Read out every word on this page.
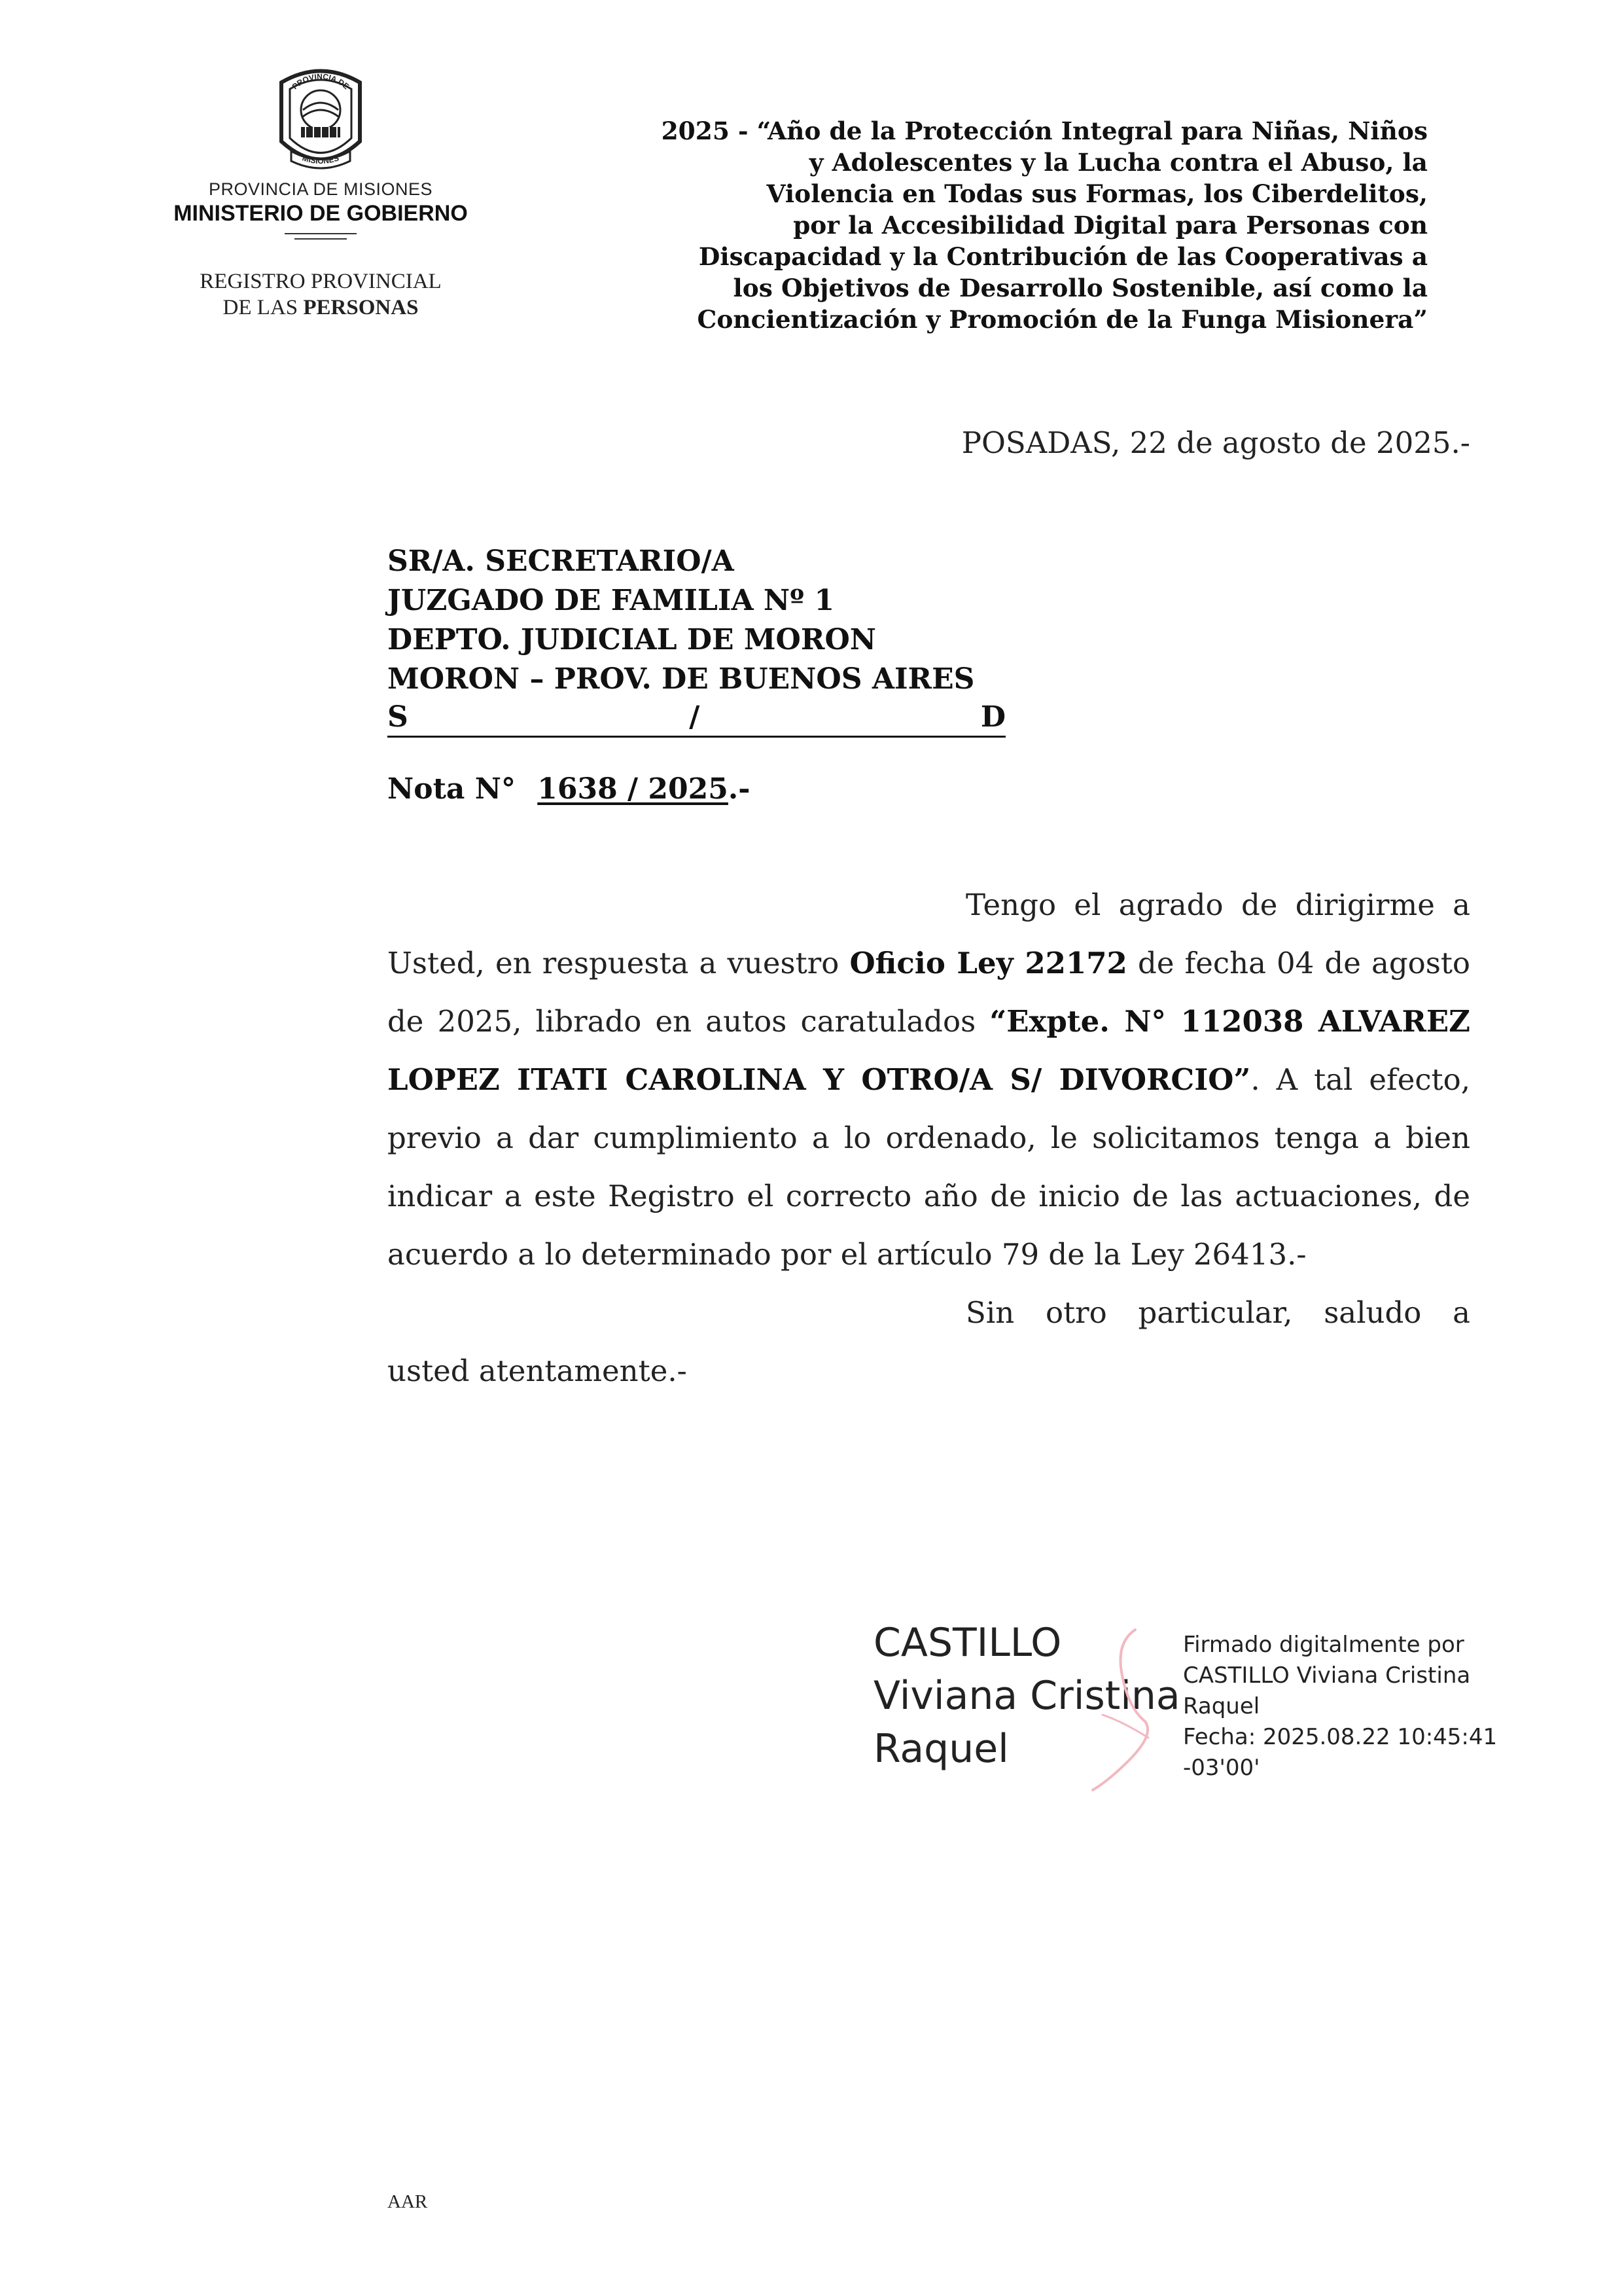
PROVINCIA DE
MISIONES
PROVINCIA DE MISIONES
MINISTERIO DE GOBIERNO
REGISTRO PROVINCIAL
DE LAS PERSONAS
2025 - “Año de la Protección Integral para Niñas, Niños
y Adolescentes y la Lucha contra el Abuso, la
Violencia en Todas sus Formas, los Ciberdelitos,
por la Accesibilidad Digital para Personas con
Discapacidad y la Contribución de las Cooperativas a
los Objetivos de Desarrollo Sostenible, así como la
Concientización y Promoción de la Funga Misionera”
POSADAS, 22 de agosto de 2025.-
SR/A. SECRETARIO/A
JUZGADO DE FAMILIA Nº 1
DEPTO. JUDICIAL DE MORON
MORON – PROV. DE BUENOS AIRES
S	/	D
Nota N° 1638 / 2025.-

Tengo el agrado de dirigirme a Usted, en respuesta a vuestro Oficio Ley 22172 de fecha 04 de agosto de 2025, librado en autos caratulados “Expte. N° 112038 ALVAREZ LOPEZ ITATI CAROLINA Y OTRO/A S/ DIVORCIO”. A tal efecto, previo a dar cumplimiento a lo ordenado, le solicitamos tenga a bien indicar a este Registro el correcto año de inicio de las actuaciones, de acuerdo a lo determinado por el artículo 79 de la Ley 26413.-

Sin otro particular, saludo a

usted atentamente.-

CASTILLO
Viviana Cristina
Raquel
Firmado digitalmente por
CASTILLO Viviana Cristina
Raquel
Fecha: 2025.08.22 10:45:41
-03'00'
AAR
